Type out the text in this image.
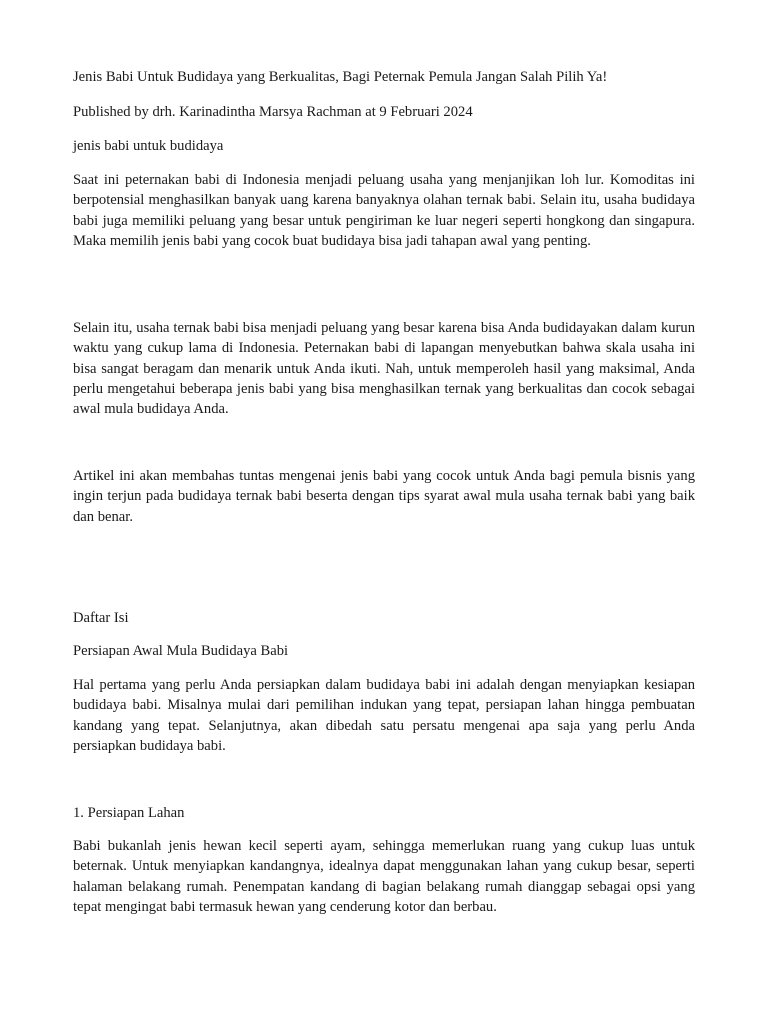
Jenis Babi Untuk Budidaya yang Berkualitas, Bagi Peternak Pemula Jangan Salah Pilih Ya!

Published by drh. Karinadintha Marsya Rachman at 9 Februari 2024

jenis babi untuk budidaya

Saat ini peternakan babi di Indonesia menjadi peluang usaha yang menjanjikan loh lur. Komoditas ini berpotensial menghasilkan banyak uang karena banyaknya olahan ternak babi. Selain itu, usaha budidaya babi juga memiliki peluang yang besar untuk pengiriman ke luar negeri seperti hongkong dan singapura. Maka memilih jenis babi yang cocok buat budidaya bisa jadi tahapan awal yang penting.

Selain itu, usaha ternak babi bisa menjadi peluang yang besar karena bisa Anda budidayakan dalam kurun waktu yang cukup lama di Indonesia. Peternakan babi di lapangan menyebutkan bahwa skala usaha ini bisa sangat beragam dan menarik untuk Anda ikuti. Nah, untuk memperoleh hasil yang maksimal, Anda perlu mengetahui beberapa jenis babi yang bisa menghasilkan ternak yang berkualitas dan cocok sebagai awal mula budidaya Anda.

Artikel ini akan membahas tuntas mengenai jenis babi yang cocok untuk Anda bagi pemula bisnis yang ingin terjun pada budidaya ternak babi beserta dengan tips syarat awal mula usaha ternak babi yang baik dan benar.

Daftar Isi

Persiapan Awal Mula Budidaya Babi

Hal pertama yang perlu Anda persiapkan dalam budidaya babi ini adalah dengan menyiapkan kesiapan budidaya babi. Misalnya mulai dari pemilihan indukan yang tepat, persiapan lahan hingga pembuatan kandang yang tepat. Selanjutnya, akan dibedah satu persatu mengenai apa saja yang perlu Anda persiapkan budidaya babi.

1. Persiapan Lahan

Babi bukanlah jenis hewan kecil seperti ayam, sehingga memerlukan ruang yang cukup luas untuk beternak. Untuk menyiapkan kandangnya, idealnya dapat menggunakan lahan yang cukup besar, seperti halaman belakang rumah. Penempatan kandang di bagian belakang rumah dianggap sebagai opsi yang tepat mengingat babi termasuk hewan yang cenderung kotor dan berbau.
